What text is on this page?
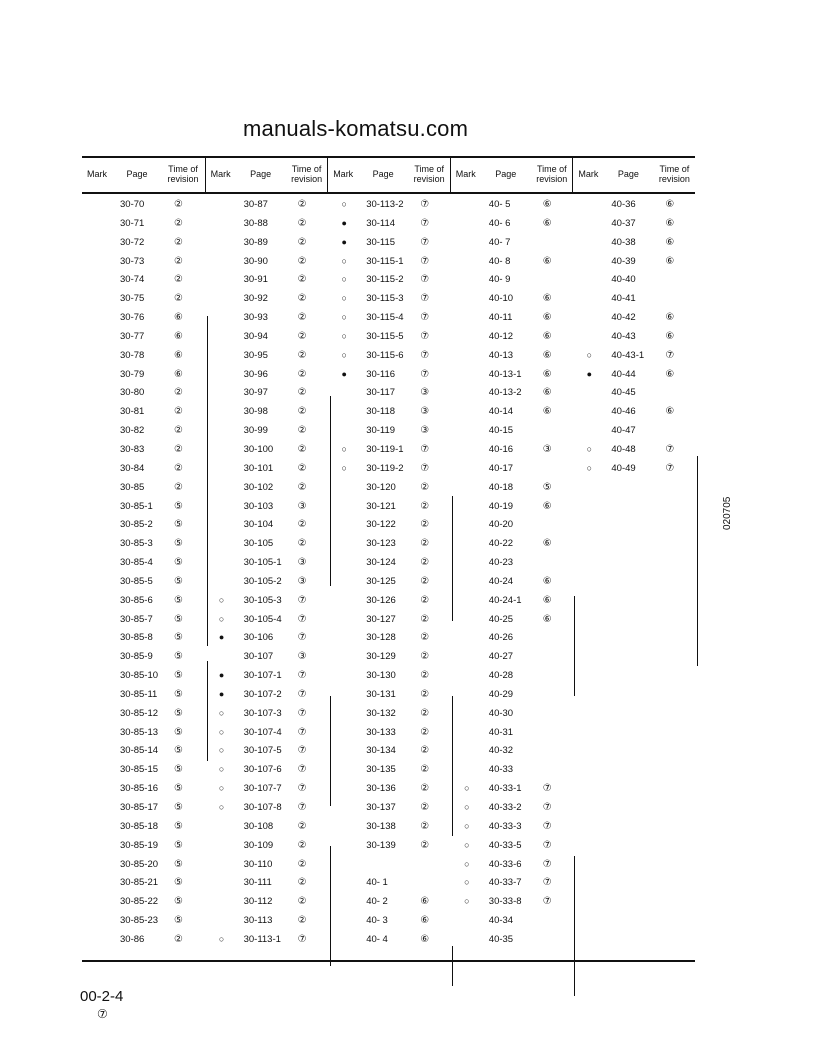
Mark	Page	Time of revision
30-70	②
30-71	②
30-72	②
30-73	②
30-74	②
30-75	②
30-76	⑥
30-77	⑥
30-78	⑥
30-79	⑥
30-80	②
30-81	②
30-82	②
30-83	②
30-84	②
30-85	②
30-85-1 ⑤
30-85-2 ⑤
30-85-3 ⑤
30-85-4 ⑤
30-85-5 ⑤
30-85-6 ⑤
30-85-7 ⑤
30-85-8 ⑤
30-85-9 ⑤
30-85-10 ⑤
30-85-11 ⑤
30-85-12 ⑤
30-85-13 ⑤
30-85-14 ⑤
30-85-15 ⑤
30-85-16 ⑤
30-85-17 ⑤
30-85-18 ⑤
30-85-19 ⑤
30-85-20 ⑤
30-85-21 ⑤
30-85-22 ⑤
30-85-23 ⑤
30-86	②
Mark	Page	Time of revision
30-87	②
30-88	②
30-89	②
30-90	②
30-91	②
30-92	②
30-93	②
30-94	②
30-95	②
30-96	②
30-97	②
30-98	②
30-99	②
30-100 ②
30-101 ②
30-102 ②
30-103 ③
30-104 ②
30-105 ②
30-105-1 ③
30-105-2 ③
○	30-105-3 ⑦
○	30-105-4 ⑦
●	30-106 ⑦
30-107 ③
●	30-107-1 ⑦
●	30-107-2 ⑦
○	30-107-3 ⑦
○	30-107-4 ⑦
○	30-107-5 ⑦
○	30-107-6 ⑦
○	30-107-7 ⑦
○	30-107-8 ⑦
30-108 ②
30-109 ②
30-110	②
30-111	②
30-112	②
30-113	②
○	30-113-1 ⑦
Mark	Page	Time of revision
○	30-113-2 ⑦
●	30-114	⑦
●	30-115	⑦
○	30-115-1 ⑦
○	30-115-2 ⑦
○	30-115-3 ⑦
○	30-115-4 ⑦
○	30-115-5 ⑦
○	30-115-6 ⑦
●	30-116	⑦
30-117	③
30-118	③
30-119	③
○	30-119-1 ⑦
○	30-119-2 ⑦
30-120 ②
30-121 ②
30-122 ②
30-123 ②
30-124 ②
30-125 ②
30-126 ②
30-127 ②
30-128 ②
30-129 ②
30-130 ②
30-131 ②
30-132 ②
30-133 ②
30-134 ②
30-135 ②
30-136 ②
30-137 ②
30-138 ②
30-139 ②
40- 1
40- 2	⑥
40- 3	⑥
40- 4	⑥
Mark	Page	Time of revision
40- 5	⑥
40- 6	⑥
40- 7
40- 8	⑥
40- 9
40-10	⑥
40-11	⑥
40-12	⑥
40-13	⑥
40-13-1 ⑥
40-13-2 ⑥
40-14	⑥
40-15
40-16	③
40-17
40-18	⑤
40-19	⑥
40-20
40-22	⑥
40-23
40-24	⑥
40-24-1 ⑥
40-25	⑥
40-26
40-27
40-28
40-29
40-30
40-31
40-32
40-33
○	40-33-1 ⑦
○	40-33-2 ⑦
○	40-33-3 ⑦
○	40-33-5 ⑦
○	40-33-6 ⑦
○	40-33-7 ⑦
○	30-33-8 ⑦
40-34
40-35
Mark	Page	Time of revision
40-36	⑥
40-37	⑥
40-38	⑥
40-39	⑥
40-40
40-41
40-42	⑥
40-43	⑥
○	40-43-1 ⑦
●	40-44	⑥
40-45
40-46	⑥
40-47
○	40-48	⑦
○	40-49	⑦
manuals-komatsu.com
020705
00-2-4
⑦
